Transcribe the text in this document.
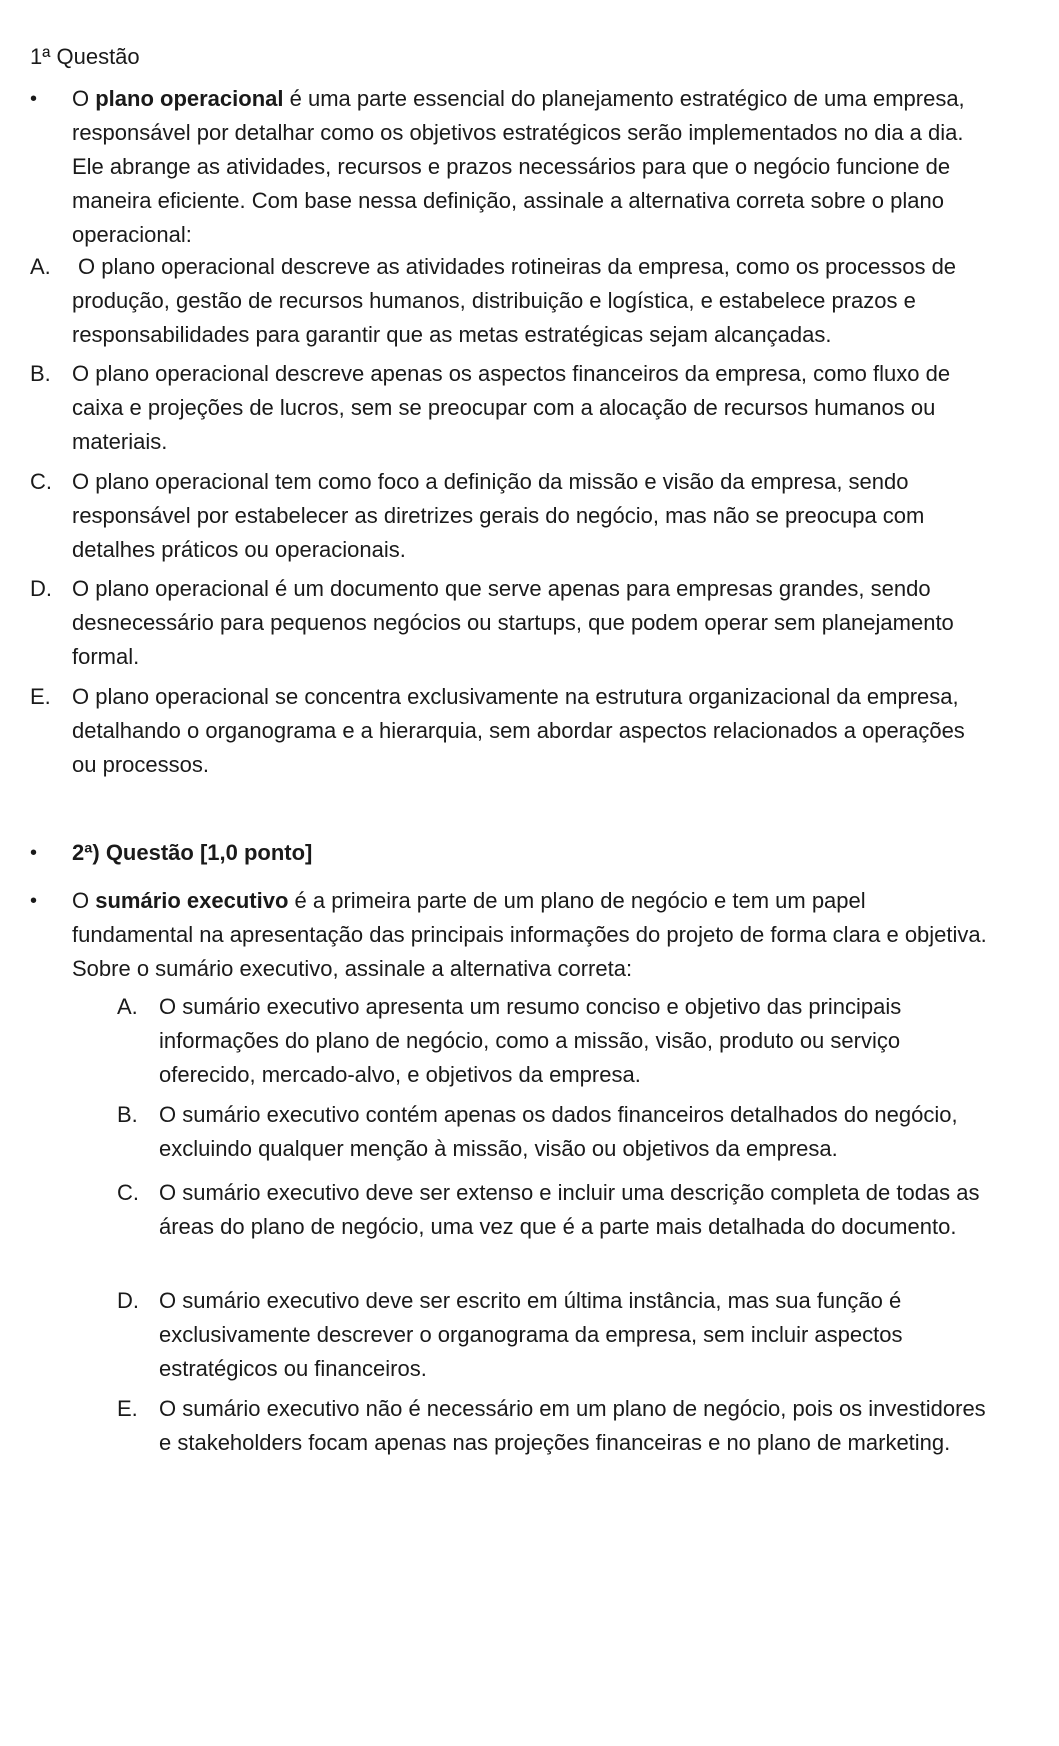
1ª Questão
•	O plano operacional é uma parte essencial do planejamento estratégico de uma empresa, responsável por detalhar como os objetivos estratégicos serão implementados no dia a dia. Ele abrange as atividades, recursos e prazos necessários para que o negócio funcione de maneira eficiente. Com base nessa definição, assinale a alternativa correta sobre o plano operacional:
A. O plano operacional descreve as atividades rotineiras da empresa, como os processos de produção, gestão de recursos humanos, distribuição e logística, e estabelece prazos e responsabilidades para garantir que as metas estratégicas sejam alcançadas.
B. O plano operacional descreve apenas os aspectos financeiros da empresa, como fluxo de caixa e projeções de lucros, sem se preocupar com a alocação de recursos humanos ou materiais.
C. O plano operacional tem como foco a definição da missão e visão da empresa, sendo responsável por estabelecer as diretrizes gerais do negócio, mas não se preocupa com detalhes práticos ou operacionais.
D. O plano operacional é um documento que serve apenas para empresas grandes, sendo desnecessário para pequenos negócios ou startups, que podem operar sem planejamento formal.
E. O plano operacional se concentra exclusivamente na estrutura organizacional da empresa, detalhando o organograma e a hierarquia, sem abordar aspectos relacionados a operações ou processos.
•	2ª) Questão [1,0 ponto]
•	O sumário executivo é a primeira parte de um plano de negócio e tem um papel fundamental na apresentação das principais informações do projeto de forma clara e objetiva. Sobre o sumário executivo, assinale a alternativa correta:
A. O sumário executivo apresenta um resumo conciso e objetivo das principais informações do plano de negócio, como a missão, visão, produto ou serviço oferecido, mercado-alvo, e objetivos da empresa.
B. O sumário executivo contém apenas os dados financeiros detalhados do negócio, excluindo qualquer menção à missão, visão ou objetivos da empresa.
C. O sumário executivo deve ser extenso e incluir uma descrição completa de todas as áreas do plano de negócio, uma vez que é a parte mais detalhada do documento.
D. O sumário executivo deve ser escrito em última instância, mas sua função é exclusivamente descrever o organograma da empresa, sem incluir aspectos estratégicos ou financeiros.
E. O sumário executivo não é necessário em um plano de negócio, pois os investidores e stakeholders focam apenas nas projeções financeiras e no plano de marketing.
